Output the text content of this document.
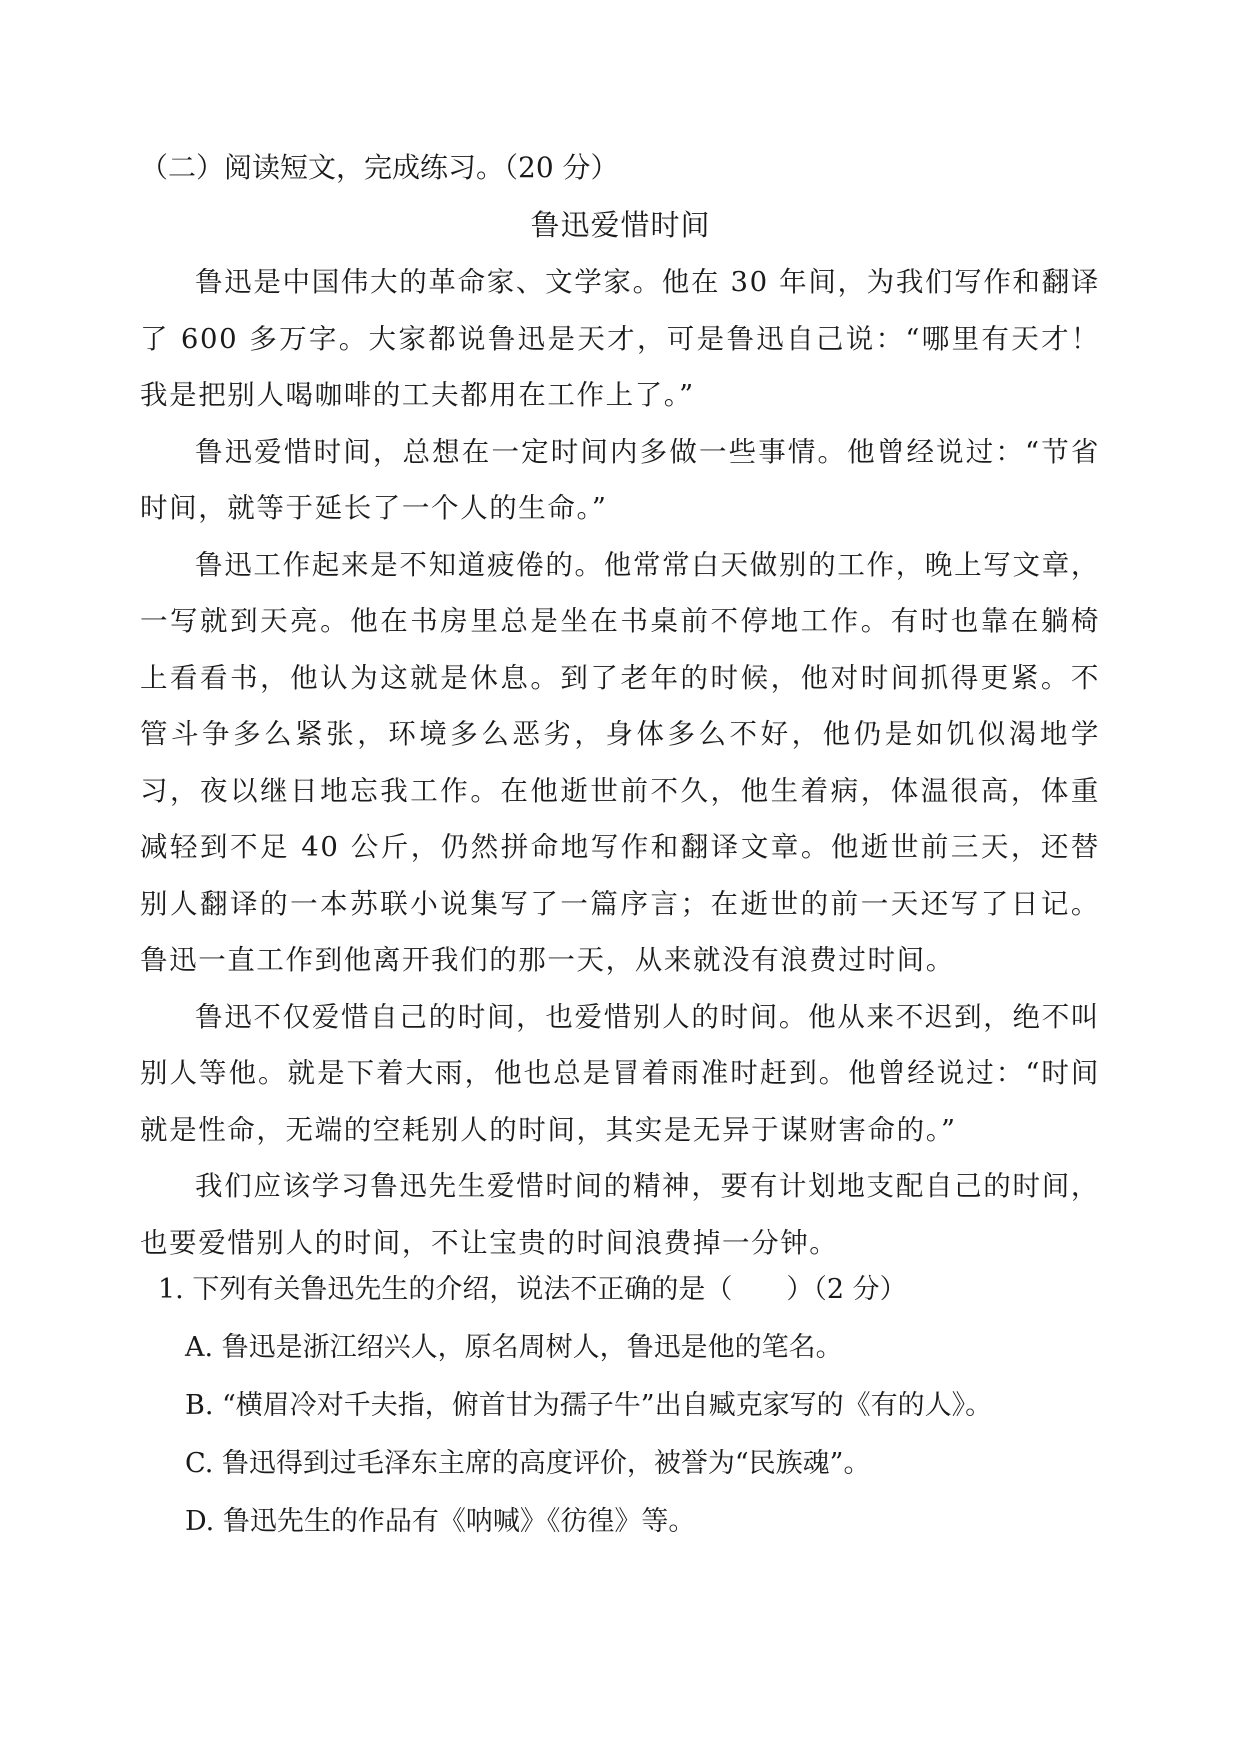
（二）阅读短文，完成练习。（20 分）
鲁迅爱惜时间

鲁迅是中国伟大的革命家、文学家。他在 30 年间，为我们写作和翻译了 600 多万字。大家都说鲁迅是天才，可是鲁迅自己说：“哪里有天才！我是把别人喝咖啡的工夫都用在工作上了。”

鲁迅爱惜时间，总想在一定时间内多做一些事情。他曾经说过：“节省时间，就等于延长了一个人的生命。”

鲁迅工作起来是不知道疲倦的。他常常白天做别的工作，晚上写文章，一写就到天亮。他在书房里总是坐在书桌前不停地工作。有时也靠在躺椅上看看书，他认为这就是休息。到了老年的时候，他对时间抓得更紧。不管斗争多么紧张，环境多么恶劣，身体多么不好，他仍是如饥似渴地学习，夜以继日地忘我工作。在他逝世前不久，他生着病，体温很高，体重减轻到不足 40 公斤，仍然拼命地写作和翻译文章。他逝世前三天，还替别人翻译的一本苏联小说集写了一篇序言；在逝世的前一天还写了日记。鲁迅一直工作到他离开我们的那一天，从来就没有浪费过时间。

鲁迅不仅爱惜自己的时间，也爱惜别人的时间。他从来不迟到，绝不叫别人等他。就是下着大雨，他也总是冒着雨准时赶到。他曾经说过：“时间就是性命，无端的空耗别人的时间，其实是无异于谋财害命的。”

我们应该学习鲁迅先生爱惜时间的精神，要有计划地支配自己的时间，也要爱惜别人的时间，不让宝贵的时间浪费掉一分钟。

1. 下列有关鲁迅先生的介绍，说法不正确的是（　　）（2 分）
A. 鲁迅是浙江绍兴人，原名周树人，鲁迅是他的笔名。
B. “横眉冷对千夫指，俯首甘为孺子牛”出自臧克家写的《有的人》。
C. 鲁迅得到过毛泽东主席的高度评价，被誉为“民族魂”。
D. 鲁迅先生的作品有《呐喊》《彷徨》等。
